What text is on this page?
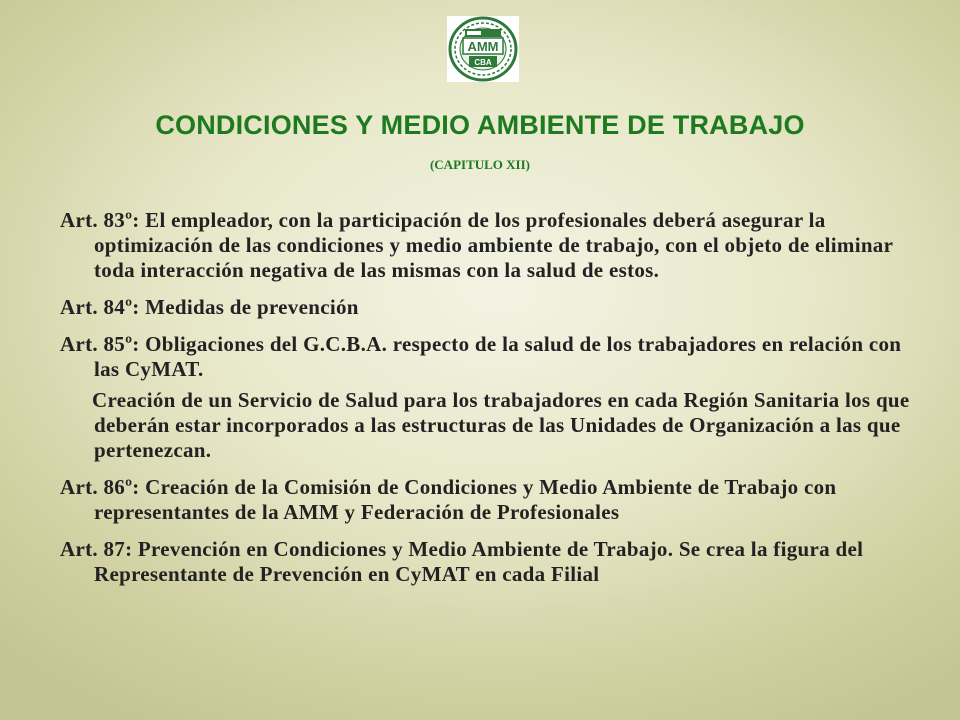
AMM
CBA
CONDICIONES Y MEDIO AMBIENTE DE TRABAJO

(CAPITULO XII)

Art. 83º: El empleador, con la participación de los profesionales deberá asegurar la optimización de las condiciones y medio ambiente de trabajo, con el objeto de eliminar toda interacción negativa de las mismas con la salud de estos.

Art. 84º: Medidas de prevención

Art. 85º: Obligaciones del G.C.B.A. respecto de la salud de los trabajadores en relación con las CyMAT.

Creación de un Servicio de Salud para los trabajadores en cada Región Sanitaria los que deberán estar incorporados a las estructuras de las Unidades de Organización a las que pertenezcan.

Art. 86º: Creación de la Comisión de Condiciones y Medio Ambiente de Trabajo con representantes de la AMM y Federación de Profesionales

Art. 87: Prevención en Condiciones y Medio Ambiente de Trabajo. Se crea la figura del Representante de Prevención en CyMAT en cada Filial
